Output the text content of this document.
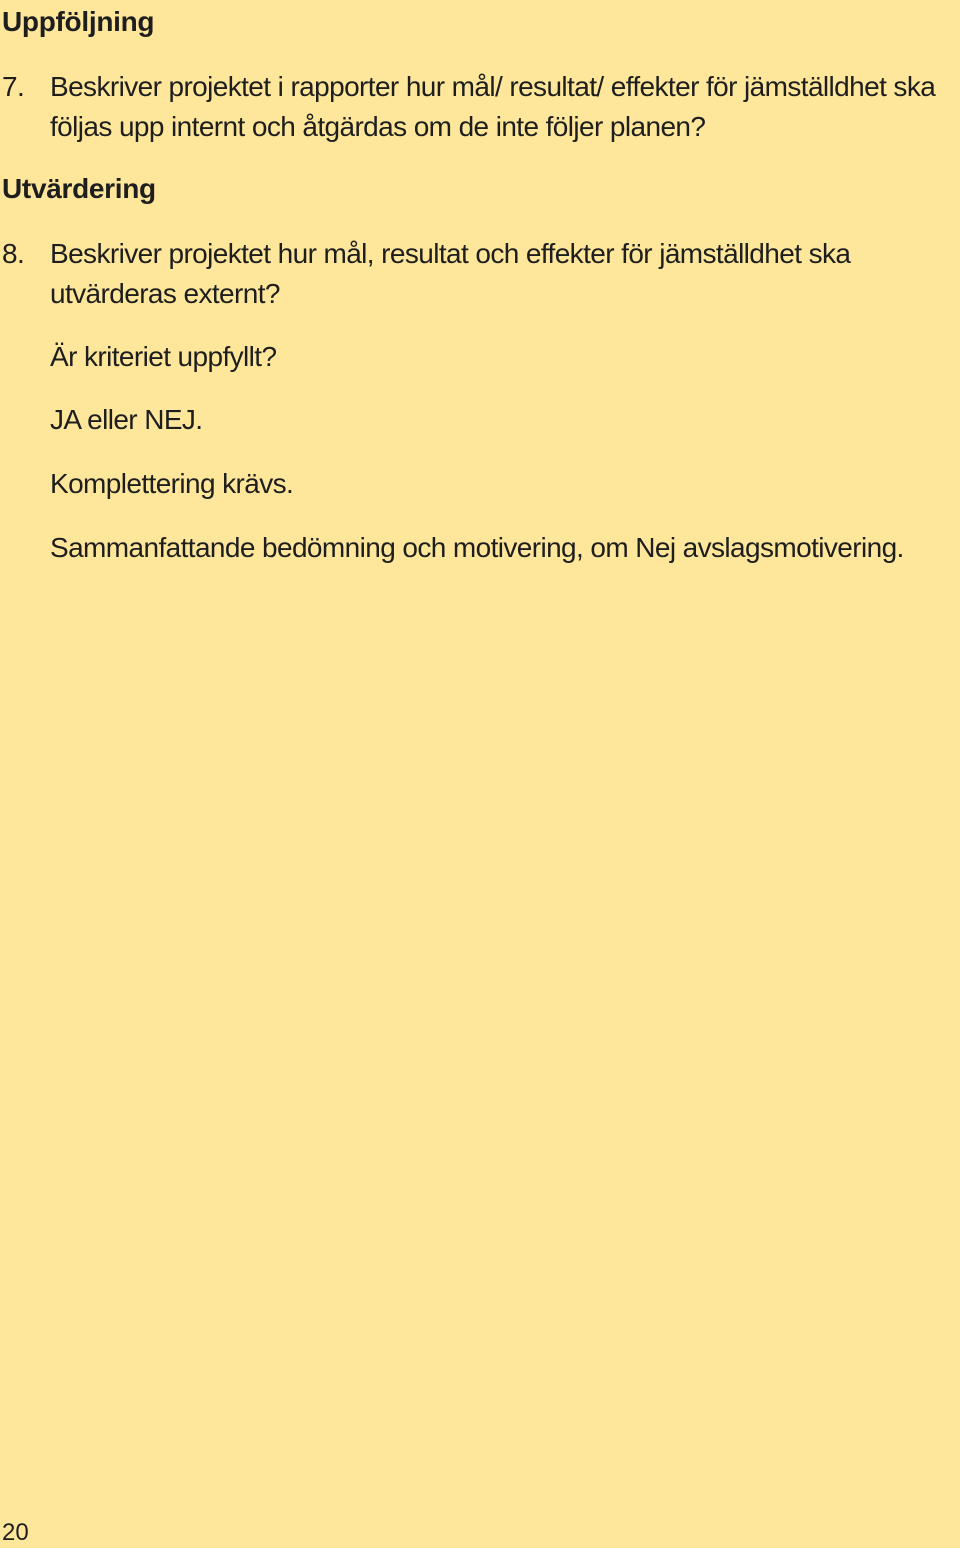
Uppföljning
7. Beskriver projektet i rapporter hur mål/ resultat/ effekter för jämställdhet ska följas upp internt och åtgärdas om de inte följer planen?
Utvärdering
8. Beskriver projektet hur mål, resultat och effekter för jämställdhet ska utvärderas externt?

Är kriteriet uppfyllt?

JA eller NEJ.

Komplettering krävs.

Sammanfattande bedömning och motivering, om Nej avslagsmotivering.

20
